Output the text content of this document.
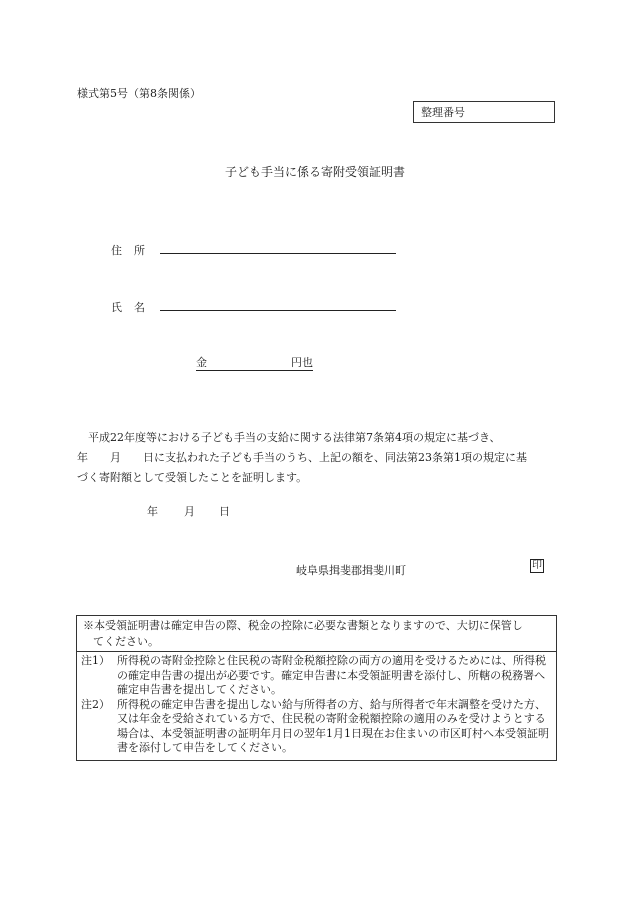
様式第5号（第8条関係）
整理番号
子ども手当に係る寄附受領証明書
住 所
氏 名
金	円也

平成22年度等における子ども手当の支給に関する法律第7条第4項の規定に基づき、

年　　月　　日に支払われた子ども手当のうち、上記の額を、同法第23条第1項の規定に基

づく寄附額として受領したことを証明します。

年 月 日
岐阜県揖斐郡揖斐川町	印
※本受領証明書は確定申告の際、税金の控除に必要な書類となりますので、大切に保管し
てください。
注1） 所得税の寄附金控除と住民税の寄附金税額控除の両方の適用を受けるためには、所得税の確定申告書の提出が必要です。確定申告書に本受領証明書を添付し、所轄の税務署へ確定申告書を提出してください。
注2） 所得税の確定申告書を提出しない給与所得者の方、給与所得者で年末調整を受けた方、又は年金を受給されている方で、住民税の寄附金税額控除の適用のみを受けようとする場合は、本受領証明書の証明年月日の翌年1月1日現在お住まいの市区町村へ本受領証明書を添付して申告をしてください。
